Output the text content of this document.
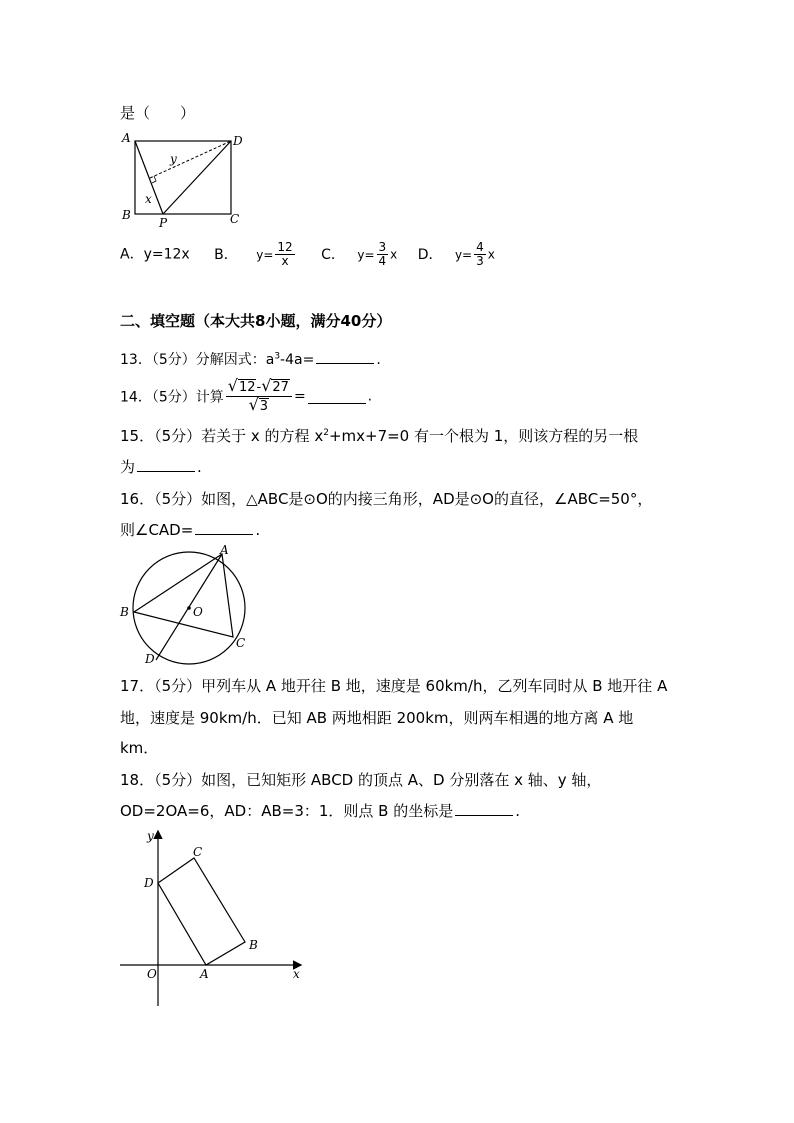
是（　　）
A	D
B	C
P
x
y
A．y=12x B． $y= \frac{12}{x}$ C． $y= \frac{3}{4}$ x D． $y= \frac{4}{3}$ x
二、填空题（本大共8小题，满分40分）
13．（5分）分解因式：$a^3-4a=$	.
14．（5分）计算 $\frac{√12-√27}{√3}$ =	.
15．（5分）若关于 x 的方程 $x^2+mx+7=0$ 有一个根为 1，则该方程的另一根
为	.
16．（5分）如图，△ABC是⊙O的内接三角形，AD是⊙O的直径，∠ABC=50°，
则∠CAD=	.
A
B
C
D
O
17．（5分）甲列车从 A 地开往 B 地，速度是 60km/h，乙列车同时从 B 地开往 A
地，速度是 90km/h．已知 AB 两地相距 200km，则两车相遇的地方离 A 地
km．
18．（5分）如图，已知矩形 ABCD 的顶点 A、D 分别落在 x 轴、y 轴，
OD=2OA=6，AD：AB=3：1．则点 B 的坐标是	.
y
x
C
D
B
O	A
